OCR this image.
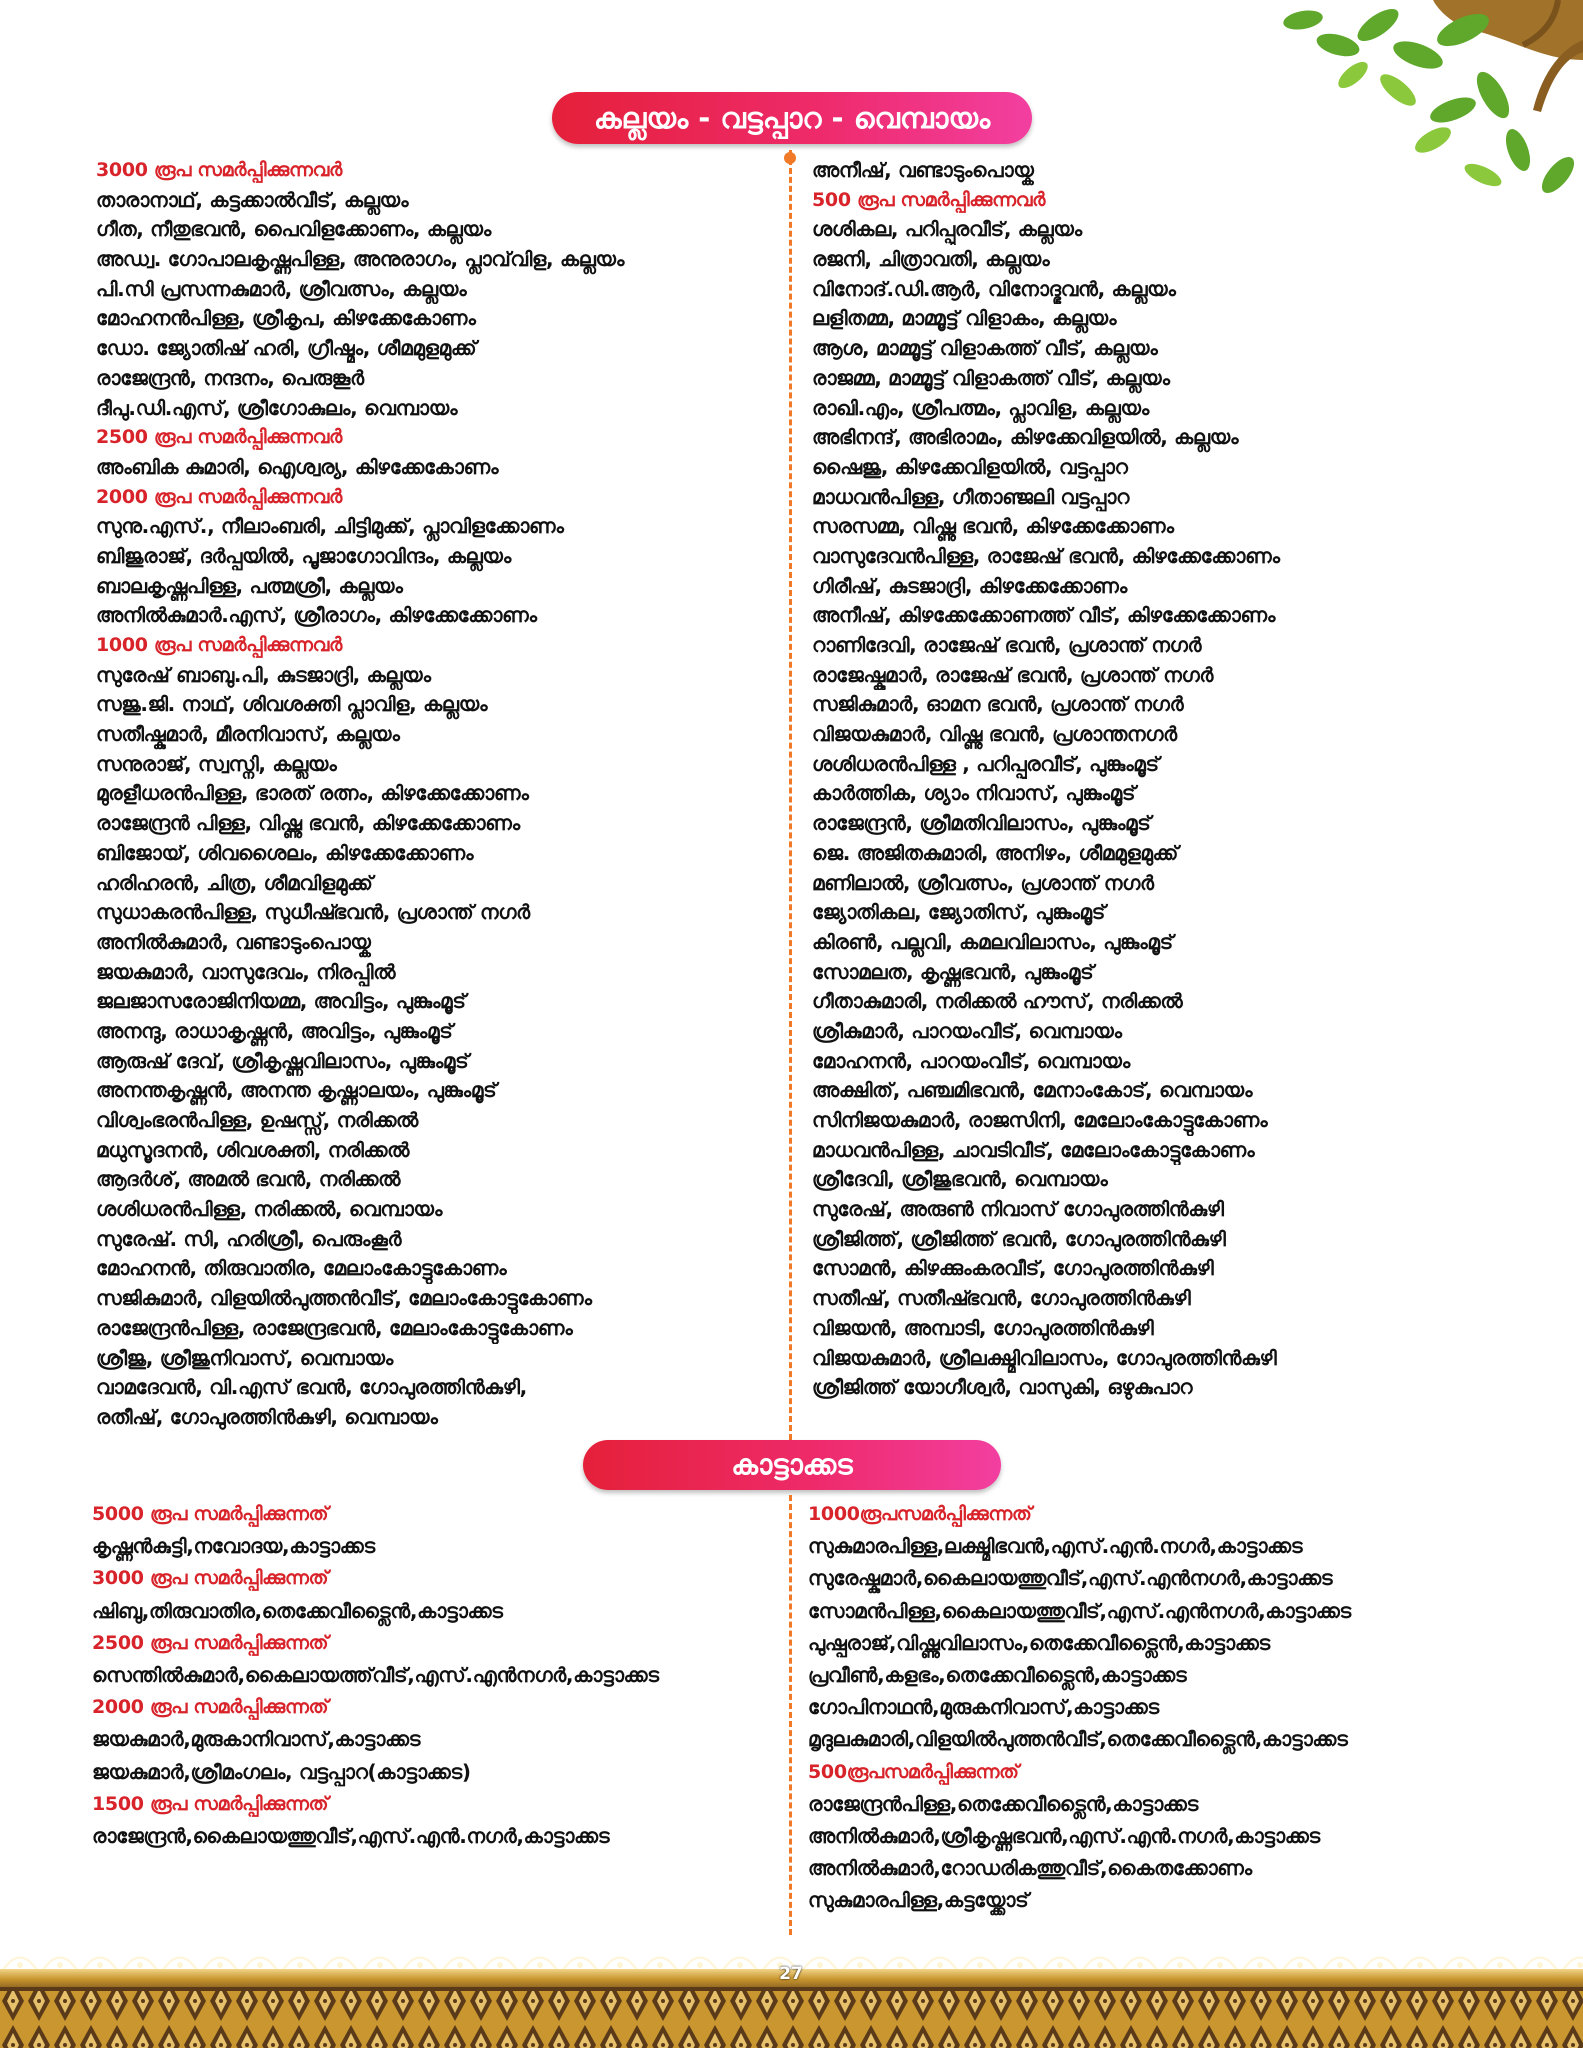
കല്ലയം - വട്ടപ്പാറ - വെമ്പായം
3000 രൂപ സമർപ്പിക്കുന്നവർ
താരാനാഥ്, കട്ടക്കാൽവീട്, കല്ലയം
ഗീത, നീതുഭവൻ, പൈവിളക്കോണം, കല്ലയം
അഡ്വ. ഗോപാലകൃഷ്ണപിള്ള, അനുരാഗം, പ്ലാവ്‌വിള, കല്ലയം
പി.സി പ്രസന്നകുമാർ, ശ്രീവത്സം, കല്ലയം
മോഹനൻപിള്ള, ശ്രീകൃപ, കിഴക്കേകോണം
ഡോ. ജ്യോതിഷ് ഹരി, ഗ്രീഷ്മം, ശീമമുളമുക്ക്
രാജേന്ദ്രൻ, നന്ദനം, പെരുങ്കൂർ
ദീപു.ഡി.എസ്, ശ്രീഗോകുലം, വെമ്പായം
2500 രൂപ സമർപ്പിക്കുന്നവർ
അംബിക കുമാരി, ഐശ്വര്യ, കിഴക്കേകോണം
2000 രൂപ സമർപ്പിക്കുന്നവർ
സുനു.എസ്., നീലാംബരി, ചിട്ടിമുക്ക്, പ്ലാവിളക്കോണം
ബിജുരാജ്, ദർപ്പയിൽ, പൂജാഗോവിന്ദം, കല്ലയം
ബാലകൃഷ്ണപിള്ള, പത്മശ്രീ, കല്ലയം
അനിൽകുമാർ.എസ്, ശ്രീരാഗം, കിഴക്കേക്കോണം
1000 രൂപ സമർപ്പിക്കുന്നവർ
സുരേഷ് ബാബു.പി, കുടജാദ്രി, കല്ലയം
സജു.ജി. നാഥ്, ശിവശക്തി പ്ലാവിള, കല്ലയം
സതീഷ്കുമാർ, മീരനിവാസ്, കല്ലയം
സനുരാജ്, സ്വസ്നി, കല്ലയം
മുരളീധരൻപിള്ള, ഭാരത് രത്നം, കിഴക്കേക്കോണം
രാജേന്ദ്രൻ പിള്ള, വിഷ്ണു ഭവൻ, കിഴക്കേക്കോണം
ബിജോയ്, ശിവശൈലം, കിഴക്കേക്കോണം
ഹരിഹരൻ, ചിത്ര, ശീമവിളമുക്ക്
സുധാകരൻപിള്ള, സുധീഷ്ഭവൻ, പ്രശാന്ത് നഗർ
അനിൽകുമാർ, വണ്ടാടുംപൊയ്ക
ജയകുമാർ, വാസുദേവം, നിരപ്പിൽ
ജലജാസരോജിനിയമ്മ, അവിട്ടം, പുങ്കുംമൂട്
അനന്ദു, രാധാകൃഷ്ണൻ, അവിട്ടം, പുങ്കുംമൂട്
ആരുഷ് ദേവ്, ശ്രീകൃഷ്ണവിലാസം, പുങ്കുംമൂട്
അനന്തകൃഷ്ണൻ, അനന്ത കൃഷ്ണാലയം, പുങ്കുംമൂട്
വിശ്വംഭരൻപിള്ള, ഉഷസ്സ്, നരിക്കൽ
മധുസൂദനൻ, ശിവശക്തി, നരിക്കൽ
ആദർശ്, അമൽ ഭവൻ, നരിക്കൽ
ശശിധരൻപിള്ള, നരിക്കൽ, വെമ്പായം
സുരേഷ്. സി, ഹരിശ്രീ, പെരുംകൂർ
മോഹനൻ, തിരുവാതിര, മേലാംകോട്ടുകോണം
സജികുമാർ, വിളയിൽപുത്തൻവീട്, മേലാംകോട്ടുകോണം
രാജേന്ദ്രൻപിള്ള, രാജേന്ദ്രഭവൻ, മേലാംകോട്ടുകോണം
ശ്രീജു, ശ്രീജുനിവാസ്, വെമ്പായം
വാമദേവൻ, വി.എസ് ഭവൻ, ഗോപുരത്തിൻകുഴി,
രതീഷ്, ഗോപുരത്തിൻകുഴി, വെമ്പായം
അനീഷ്, വണ്ടാടുംപൊയ്ക
500 രൂപ സമർപ്പിക്കുന്നവർ
ശശികല, പറിപ്പുരവീട്, കല്ലയം
രജനി, ചിത്രാവതി, കല്ലയം
വിനോദ്.ഡി.ആർ, വിനോദ്ഭവൻ, കല്ലയം
ലളിതമ്മ, മാമ്മൂട്ട് വിളാകം, കല്ലയം
ആശ, മാമ്മൂട്ട് വിളാകത്ത് വീട്, കല്ലയം
രാജമ്മ, മാമ്മൂട്ട് വിളാകത്ത് വീട്, കല്ലയം
രാഖി.എം, ശ്രീപത്മം, പ്ലാവിള, കല്ലയം
അഭിനന്ദ്, അഭിരാമം, കിഴക്കേവിളയിൽ, കല്ലയം
ഷൈജു, കിഴക്കേവിളയിൽ, വട്ടപ്പാറ
മാധവൻപിള്ള, ഗീതാഞ്ജലി വട്ടപ്പാറ
സരസമ്മ, വിഷ്ണു ഭവൻ, കിഴക്കേക്കോണം
വാസുദേവൻപിള്ള, രാജേഷ് ഭവൻ, കിഴക്കേക്കോണം
ഗിരീഷ്, കുടജാദ്രി, കിഴക്കേക്കോണം
അനീഷ്, കിഴക്കേക്കോണത്ത് വീട്, കിഴക്കേക്കോണം
റാണിദേവി, രാജേഷ് ഭവൻ, പ്രശാന്ത് നഗർ
രാജേഷ്കുമാർ, രാജേഷ് ഭവൻ, പ്രശാന്ത് നഗർ
സജികുമാർ, ഓമന ഭവൻ, പ്രശാന്ത് നഗർ
വിജയകുമാർ, വിഷ്ണു ഭവൻ, പ്രശാന്തനഗർ
ശശിധരൻപിള്ള , പറിപ്പുരവീട്, പുങ്കുംമൂട്
കാർത്തിക, ശ്യാം നിവാസ്, പുങ്കുംമൂട്
രാജേന്ദ്രൻ, ശ്രീമതിവിലാസം, പുങ്കുംമൂട്
ജെ. അജിതകുമാരി, അനിഴം, ശീമമുളമുക്ക്
മണിലാൽ, ശ്രീവത്സം, പ്രശാന്ത് നഗർ
ജ്യോതികല, ജ്യോതിസ്, പുങ്കുംമൂട്
കിരൺ, പല്ലവി, കമലവിലാസം, പുങ്കുംമൂട്
സോമലത, കൃഷ്ണഭവൻ, പുങ്കുംമൂട്
ഗീതാകുമാരി, നരിക്കൽ ഹൗസ്, നരിക്കൽ
ശ്രീകുമാർ, പാറയംവീട്, വെമ്പായം
മോഹനൻ, പാറയംവീട്, വെമ്പായം
അക്ഷിത്, പഞ്ചമിഭവൻ, മേനാംകോട്, വെമ്പായം
സിനിജയകുമാർ, രാജസിനി, മേലോംകോട്ടുകോണം
മാധവൻപിള്ള, ചാവടിവീട്, മേലോംകോട്ടുകോണം
ശ്രീദേവി, ശ്രീജുഭവൻ, വെമ്പായം
സുരേഷ്, അരുൺ നിവാസ് ഗോപുരത്തിൻകുഴി
ശ്രീജിത്ത്, ശ്രീജിത്ത് ഭവൻ, ഗോപുരത്തിൻകുഴി
സോമൻ, കിഴക്കുംകരവീട്, ഗോപുരത്തിൻകുഴി
സതീഷ്, സതീഷ്ഭവൻ, ഗോപുരത്തിൻകുഴി
വിജയൻ, അമ്പാടി, ഗോപുരത്തിൻകുഴി
വിജയകുമാർ, ശ്രീലക്ഷ്മിവിലാസം, ഗോപുരത്തിൻകുഴി
ശ്രീജിത്ത് യോഗീശ്വർ, വാസുകി, ഒഴുകുപാറ
കാട്ടാക്കട
5000 രൂപ സമർപ്പിക്കുന്നത്
കൃഷ്ണൻകുട്ടി,നവോദയ,കാട്ടാക്കട
3000 രൂപ സമർപ്പിക്കുന്നത്
ഷിബു,തിരുവാതിര,തെക്കേവീട്ലൈൻ,കാട്ടാക്കട
2500 രൂപ സമർപ്പിക്കുന്നത്
സെന്തിൽകുമാർ,കൈലായത്ത്‌വീട്,എസ്.എൻനഗർ,കാട്ടാക്കട
2000 രൂപ സമർപ്പിക്കുന്നത്
ജയകുമാർ,മുരുകാനിവാസ്,കാട്ടാക്കട
ജയകുമാർ,ശ്രീമംഗലം, വട്ടപ്പാറ(കാട്ടാക്കട)
1500 രൂപ സമർപ്പിക്കുന്നത്
രാജേന്ദ്രൻ,കൈലായത്തുവീട്,എസ്.എൻ.നഗർ,കാട്ടാക്കട
1000രൂപസമർപ്പിക്കുന്നത്
സുകുമാരപിള്ള,ലക്ഷ്മിഭവൻ,എസ്.എൻ.നഗർ,കാട്ടാക്കട
സുരേഷ്കുമാർ,കൈലായത്തുവീട്,എസ്.എൻനഗർ,കാട്ടാക്കട
സോമൻപിള്ള,കൈലായത്തുവീട്,എസ്.എൻനഗർ,കാട്ടാക്കട
പുഷ്പരാജ്,വിഷ്ണുവിലാസം,തെക്കേവീട്ലൈൻ,കാട്ടാക്കട
പ്രവീൺ,കളഭം,തെക്കേവീട്ലൈൻ,കാട്ടാക്കട
ഗോപിനാഥൻ,മുരുകനിവാസ്,കാട്ടാക്കട
മൃദുലകുമാരി,വിളയിൽപുത്തൻവീട്,തെക്കേവീട്ലൈൻ,കാട്ടാക്കട
500രൂപസമർപ്പിക്കുന്നത്
രാജേന്ദ്രൻപിള്ള,തെക്കേവീട്ലൈൻ,കാട്ടാക്കട
അനിൽകുമാർ,ശ്രീകൃഷ്ണഭവൻ,എസ്.എൻ.നഗർ,കാട്ടാക്കട
അനിൽകുമാർ,റോഡരികത്തുവീട്,കൈതക്കോണം
സുകുമാരപിള്ള,കട്ടയ്ക്കോട്
27
